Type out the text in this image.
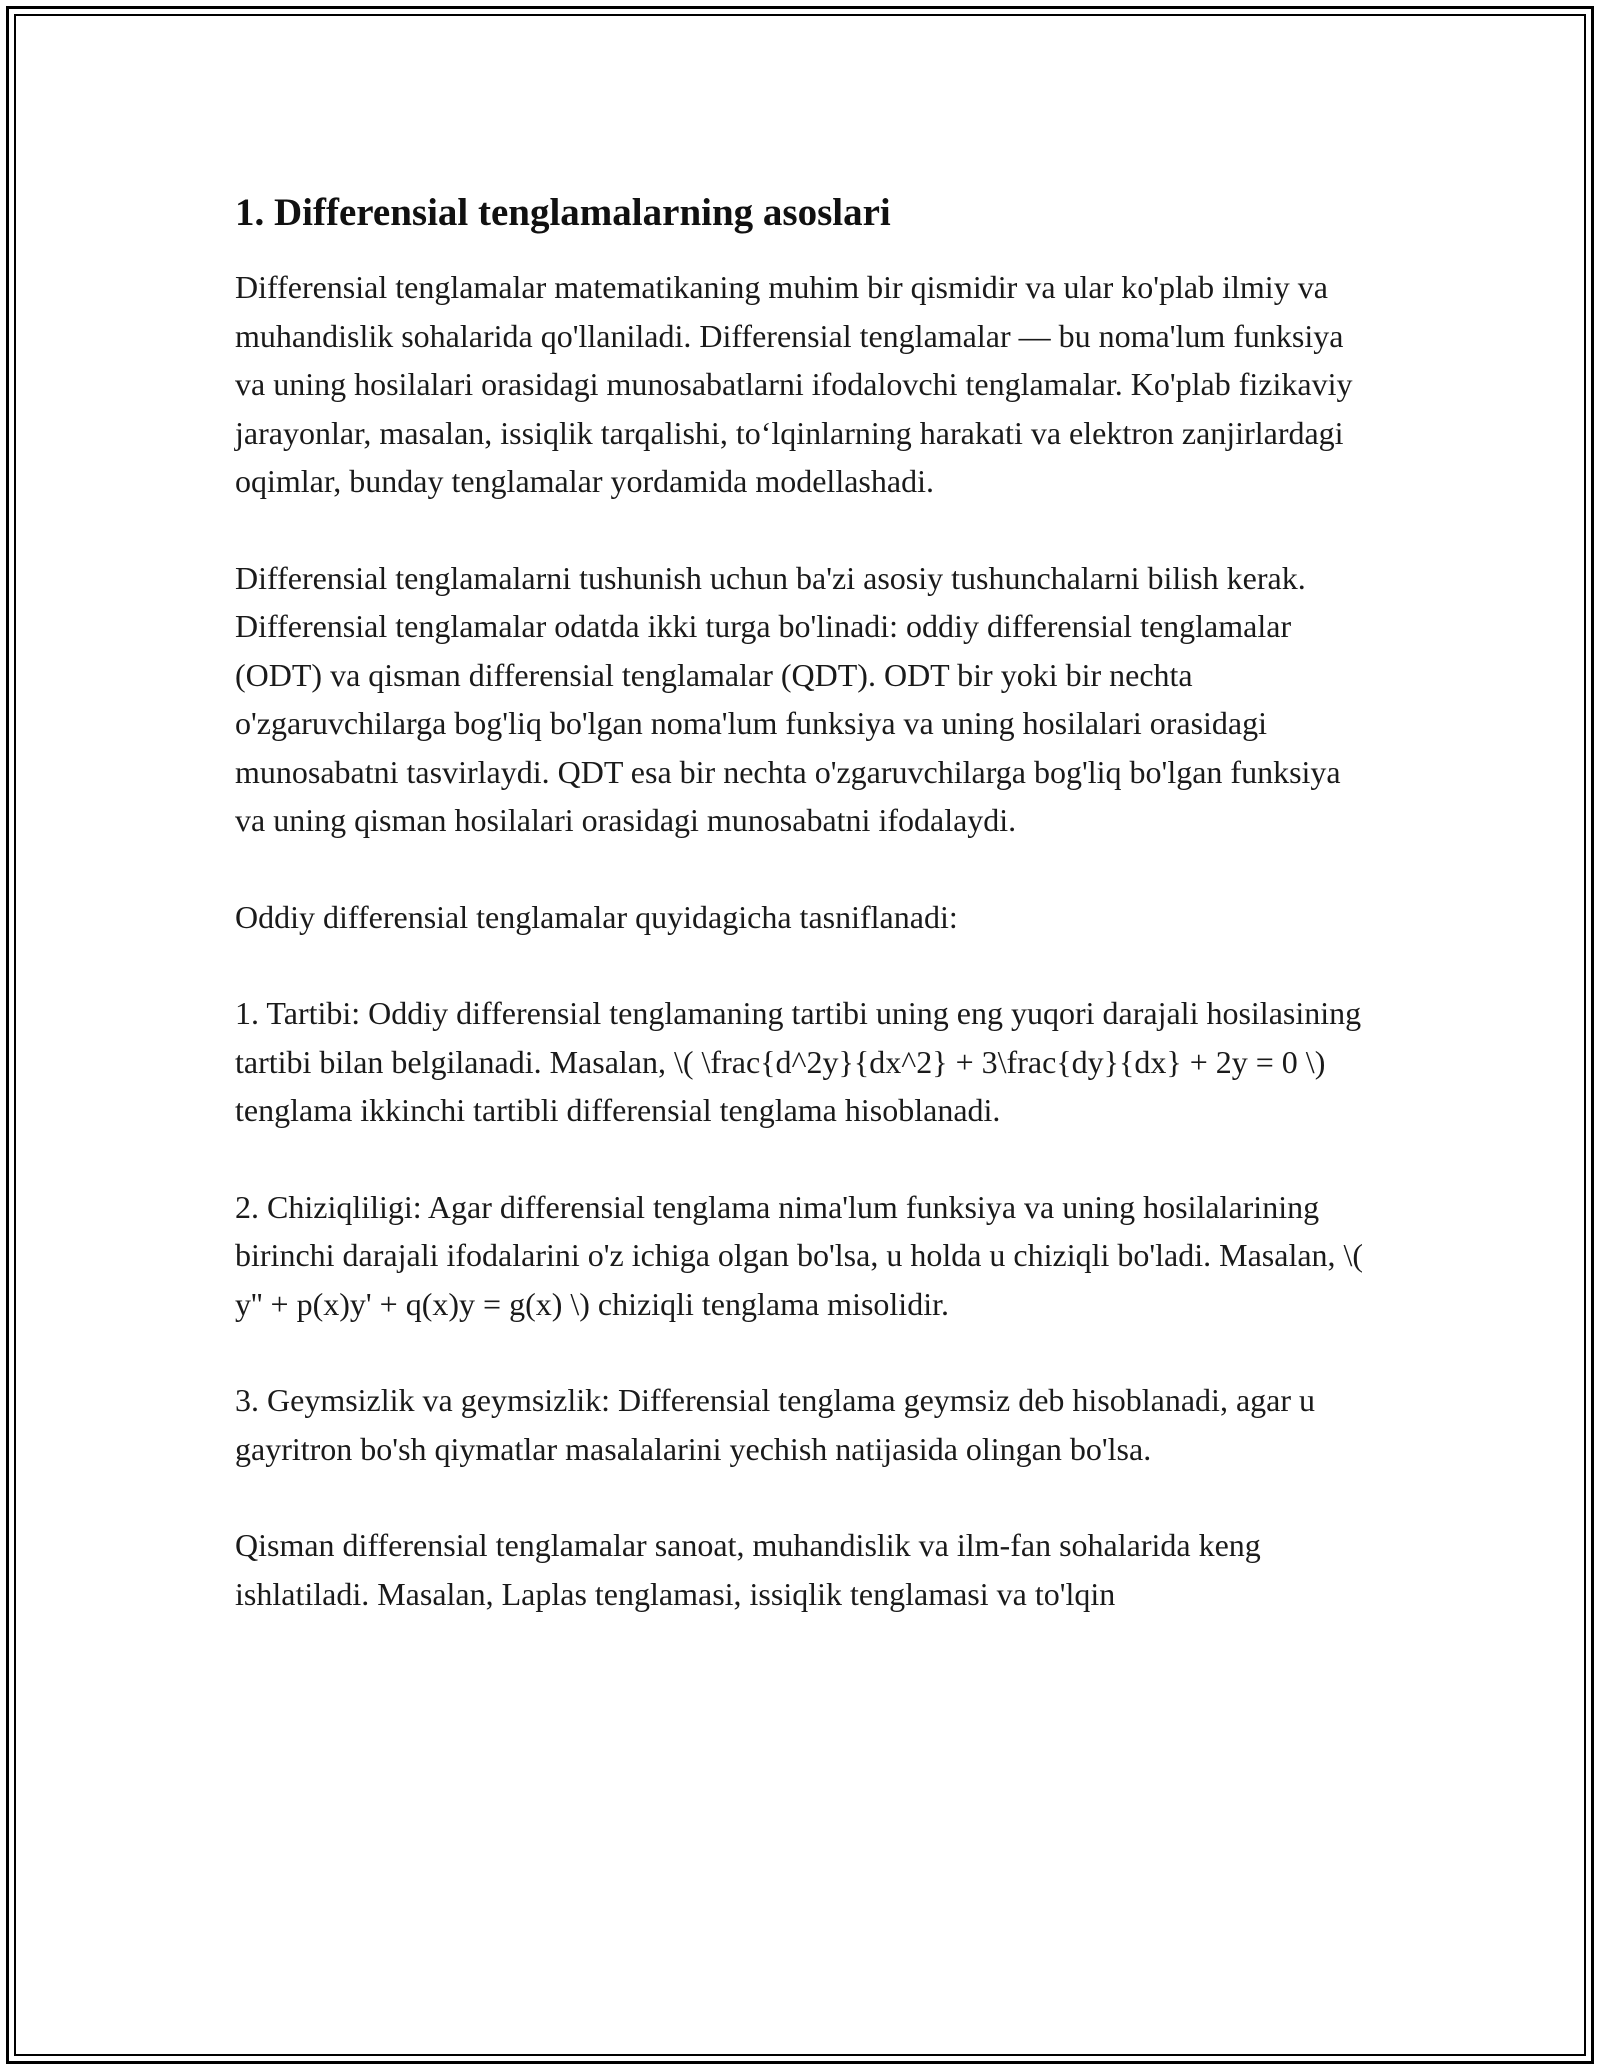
1. Differensial tenglamalarning asoslari

Differensial tenglamalar matematikaning muhim bir qismidir va ular ko'plab ilmiy va muhandislik sohalarida qo'llaniladi. Differensial tenglamalar — bu noma'lum funksiya va uning hosilalari orasidagi munosabatlarni ifodalovchi tenglamalar. Ko'plab fizikaviy jarayonlar, masalan, issiqlik tarqalishi, to‘lqinlarning harakati va elektron zanjirlardagi oqimlar, bunday tenglamalar yordamida modellashadi.

Differensial tenglamalarni tushunish uchun ba'zi asosiy tushunchalarni bilish kerak. Differensial tenglamalar odatda ikki turga bo'linadi: oddiy differensial tenglamalar (ODT) va qisman differensial tenglamalar (QDT). ODT bir yoki bir nechta o'zgaruvchilarga bog'liq bo'lgan noma'lum funksiya va uning hosilalari orasidagi munosabatni tasvirlaydi. QDT esa bir nechta o'zgaruvchilarga bog'liq bo'lgan funksiya va uning qisman hosilalari orasidagi munosabatni ifodalaydi.

Oddiy differensial tenglamalar quyidagicha tasniflanadi:

1. Tartibi: Oddiy differensial tenglamaning tartibi uning eng yuqori darajali hosilasining tartibi bilan belgilanadi. Masalan, \( \frac{d^2y}{dx^2} + 3\frac{dy}{dx} + 2y = 0 \) tenglama ikkinchi tartibli differensial tenglama hisoblanadi.

2. Chiziqliligi: Agar differensial tenglama nima'lum funksiya va uning hosilalarining birinchi darajali ifodalarini o'z ichiga olgan bo'lsa, u holda u chiziqli bo'ladi. Masalan, \( y'' + p(x)y' + q(x)y = g(x) \) chiziqli tenglama misolidir.

3. Geymsizlik va geymsizlik: Differensial tenglama geymsiz deb hisoblanadi, agar u gayritron bo'sh qiymatlar masalalarini yechish natijasida olingan bo'lsa.

Qisman differensial tenglamalar sanoat, muhandislik va ilm-fan sohalarida keng ishlatiladi. Masalan, Laplas tenglamasi, issiqlik tenglamasi va to'lqin
